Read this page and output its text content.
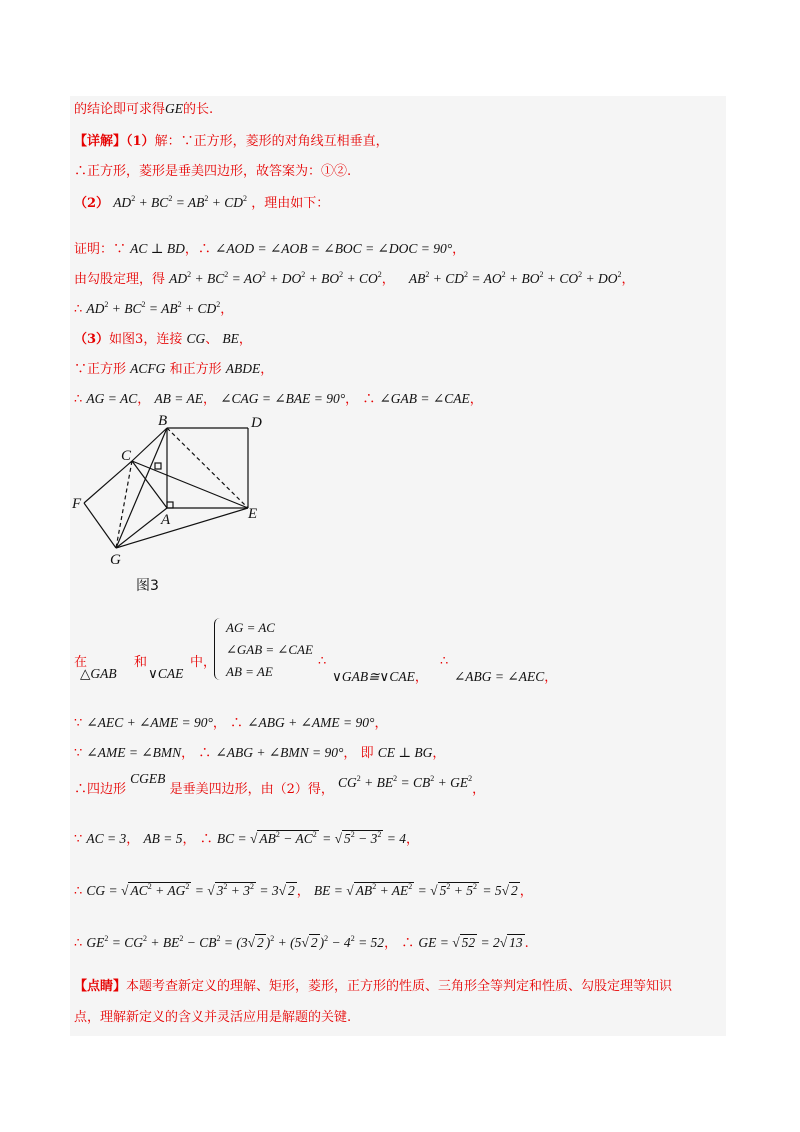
的结论即可求得GE的长.
【详解】（1）解：∵正方形，菱形的对角线互相垂直，
∴正方形，菱形是垂美四边形，故答案为：①②.
（2） $AD^2 + BC^2 = AB^2 + CD^2$ ，理由如下：
证明：∵ AC ⊥ BD，∴ ∠AOD = ∠AOB = ∠BOC = ∠DOC = 90°，
由勾股定理，得 $AD^2 + BC^2 = AO^2 + DO^2 + BO^2 + CO^2$， $AB^2 + CD^2 = AO^2 + BO^2 + CO^2 + DO^2$，
∴ $AD^2 + BC^2 = AB^2 + CD^2$，
（3）如图3，连接 CG、 BE，
∵正方形 ACFG 和正方形 ABDE，
∴ AG = AC， AB = AE， ∠CAG = ∠BAE = 90°， ∴ ∠GAB = ∠CAE，
B	D
C
F
A	E
G
图3
在
△GAB
和
∨CAE
中，
AG = AC
∠GAB = ∠CAE
AB = AE
∴
∨GAB≅∨CAE，
∴
∠ABG = ∠AEC，
∵ ∠AEC + ∠AME = 90°， ∴ ∠ABG + ∠AME = 90°，
∵ ∠AME = ∠BMN， ∴ ∠ABG + ∠BMN = 90°， 即 CE ⊥ BG，
∴四边形 CGEB 是垂美四边形，由（2）得， $CG^2 + BE^2 = CB^2 + GE^2$，
∵ AC = 3， AB = 5， ∴ BC = √ $AB^2 - AC^2$ = √ $5^2 - 3^2 = 4$，
∴ CG = √ $AC^2 + AG^2$ = √ $3^2 + 3^2 = 3√$ 2 ， BE = √ $AB^2 + AE^2$ = √ $5^2 + 5^2 = 5√$ 2 ，
∴ $GE^2 = CG^2 + BE^2 - CB^2 = (3√$ 2 )$^2$ + (5√ 2 )$^2 - 4^2 = 52$， ∴ GE = √ 52 = 2√ 13 .
【点睛】本题考查新定义的理解、矩形，菱形，正方形的性质、三角形全等判定和性质、勾股定理等知识
点，理解新定义的含义并灵活应用是解题的关键.
